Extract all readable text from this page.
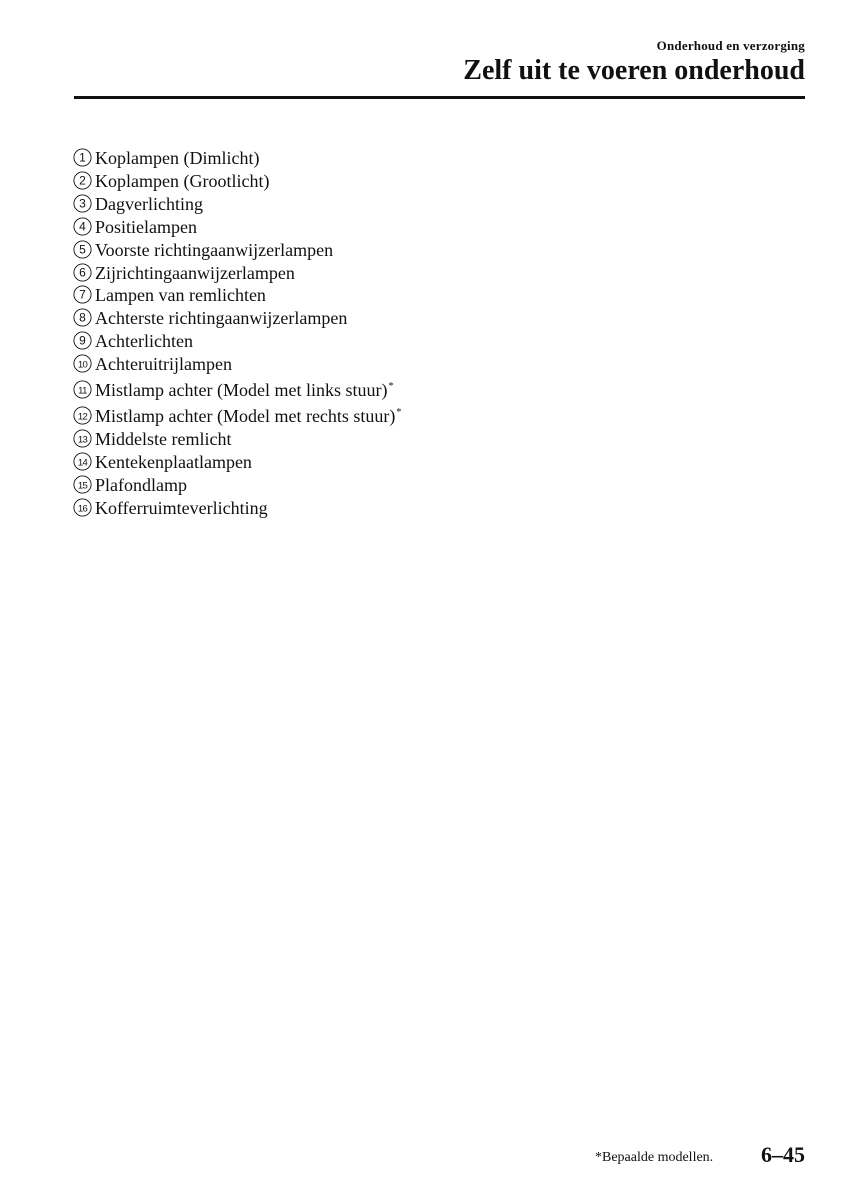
Onderhoud en verzorging
Zelf uit te voeren onderhoud
1 Koplampen (Dimlicht)
2 Koplampen (Grootlicht)
3 Dagverlichting
4 Positielampen
5 Voorste richtingaanwijzerlampen
6 Zijrichtingaanwijzerlampen
7 Lampen van remlichten
8 Achterste richtingaanwijzerlampen
9 Achterlichten
10 Achteruitrijlampen
11 Mistlamp achter (Model met links stuur)*
12 Mistlamp achter (Model met rechts stuur)*
13 Middelste remlicht
14 Kentekenplaatlampen
15 Plafondlamp
16 Kofferruimteverlichting
*Bepaalde modellen. 6–45
